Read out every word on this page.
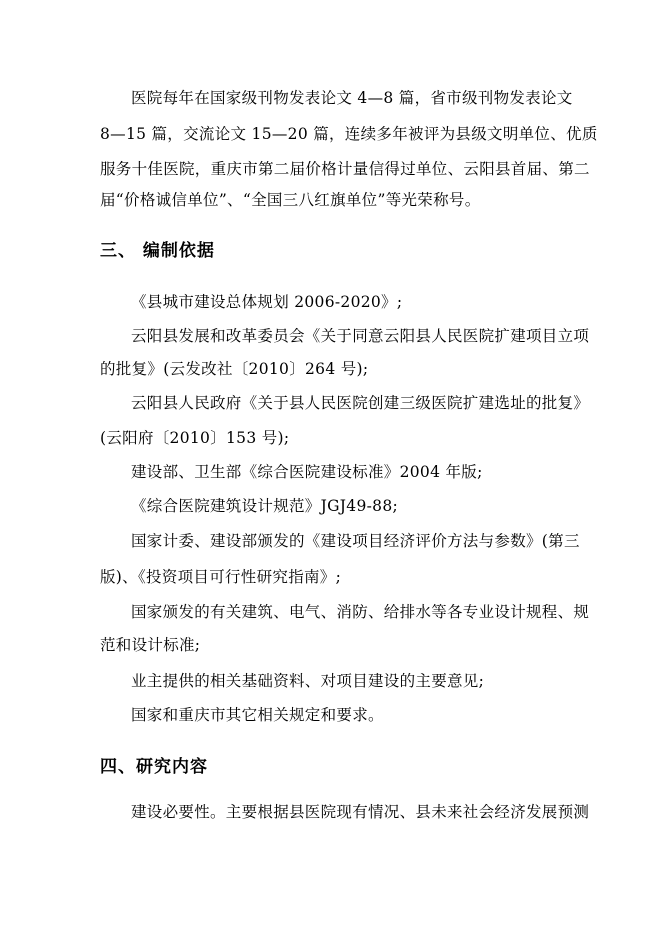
医院每年在国家级刊物发表论文 4—8 篇，省市级刊物发表论文
8—15 篇，交流论文 15—20 篇，连续多年被评为县级文明单位、优质
服务十佳医院，重庆市第二届价格计量信得过单位、云阳县首届、第二
届“价格诚信单位”、“全国三八红旗单位”等光荣称号。
三、 编制依据
《县城市建设总体规划 2006-2020》;
云阳县发展和改革委员会《关于同意云阳县人民医院扩建项目立项
的批复》(云发改社〔2010〕264 号);
云阳县人民政府《关于县人民医院创建三级医院扩建选址的批复》
(云阳府〔2010〕153 号);
建设部、卫生部《综合医院建设标准》2004 年版;
《综合医院建筑设计规范》JGJ49-88;
国家计委、建设部颁发的《建设项目经济评价方法与参数》(第三
版)、《投资项目可行性研究指南》;
国家颁发的有关建筑、电气、消防、给排水等各专业设计规程、规
范和设计标准;
业主提供的相关基础资料、对项目建设的主要意见;
国家和重庆市其它相关规定和要求。
四、研究内容
建设必要性。主要根据县医院现有情况、县未来社会经济发展预测
